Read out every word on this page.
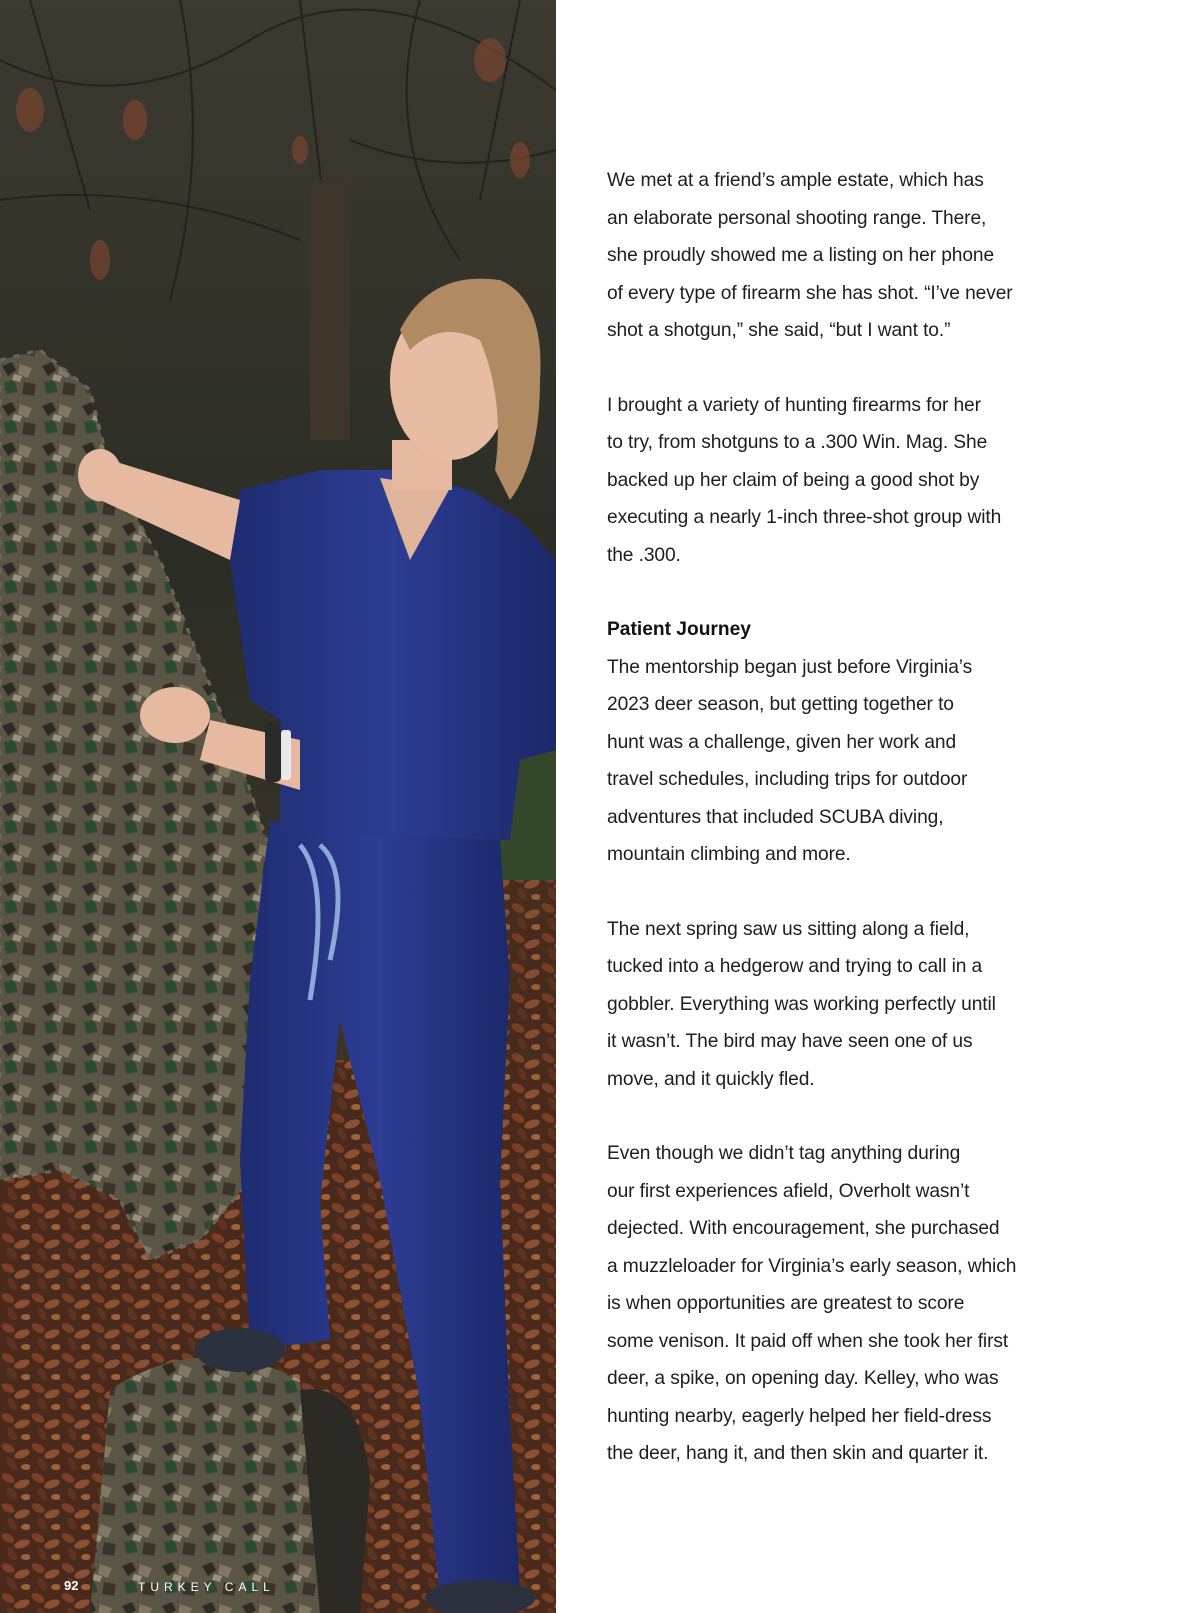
92	TURKEY CALL

We met at a friend’s ample estate, which has
an elaborate personal shooting range. There,
she proudly showed me a listing on her phone
of every type of firearm she has shot. “I’ve never
shot a shotgun,” she said, “but I want to.”

I brought a variety of hunting firearms for her
to try, from shotguns to a .300 Win. Mag. She
backed up her claim of being a good shot by
executing a nearly 1-inch three-shot group with
the .300.

Patient Journey

The mentorship began just before Virginia’s
2023 deer season, but getting together to
hunt was a challenge, given her work and
travel schedules, including trips for outdoor
adventures that included SCUBA diving,
mountain climbing and more.

The next spring saw us sitting along a field,
tucked into a hedgerow and trying to call in a
gobbler. Everything was working perfectly until
it wasn’t. The bird may have seen one of us
move, and it quickly fled.

Even though we didn’t tag anything during
our first experiences afield, Overholt wasn’t
dejected. With encouragement, she purchased
a muzzleloader for Virginia’s early season, which
is when opportunities are greatest to score
some venison. It paid off when she took her first
deer, a spike, on opening day. Kelley, who was
hunting nearby, eagerly helped her field-dress
the deer, hang it, and then skin and quarter it.
